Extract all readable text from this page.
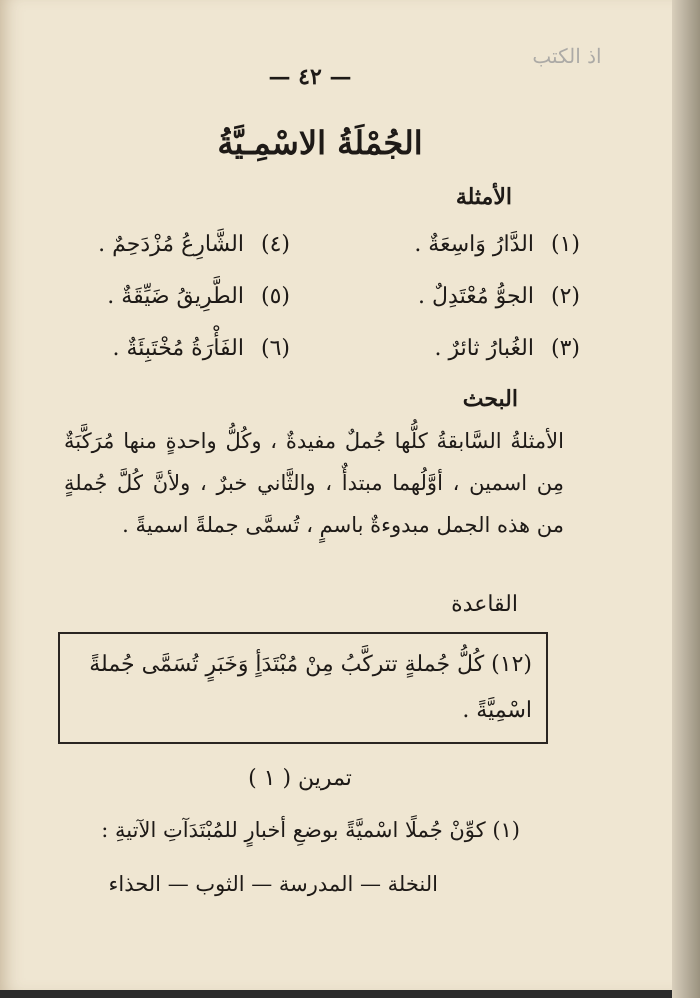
اذ الكتب
— ٤٢ —
الجُمْلَةُ الاسْمِـيَّةُ
الأمثلة
(١) الدَّارُ وَاسِعَةٌ .
(٢) الجوُّ مُعْتَدِلٌ .
(٣) الغُبارُ ثائرٌ .
(٤) الشَّارِعُ مُزْدَحِمٌ .
(٥) الطَّرِيقُ ضَيِّقَةٌ .
(٦) الفَأْرَةُ مُخْتَبِئَةٌ .
البحث
الأمثلةُ السَّابقةُ كلُّها جُملٌ مفيدةٌ ، وكُلُّ واحدةٍ منها مُرَكَّبَةٌ مِن اسمين ، أوَّلُهما مبتدأٌ ، والثَّاني خبرٌ ، ولأنَّ كُلَّ جُملةٍ من هذه الجمل مبدوءةٌ باسمٍ ، تُسمَّى جملةً اسميةً .
القاعدة
(١٢) كُلُّ جُملةٍ تتركَّبُ مِنْ مُبْتَدَأٍ وَخَبَرٍ تُسَمَّى جُملةً اسْمِيَّةً .
تمرين ( ١ )
(١) كوِّنْ جُملًا اسْميَّةً بوضعِ أخبارٍ للمُبْتَدَآتِ الآتيةِ :
النخلة — المدرسة — الثوب — الحذاء
